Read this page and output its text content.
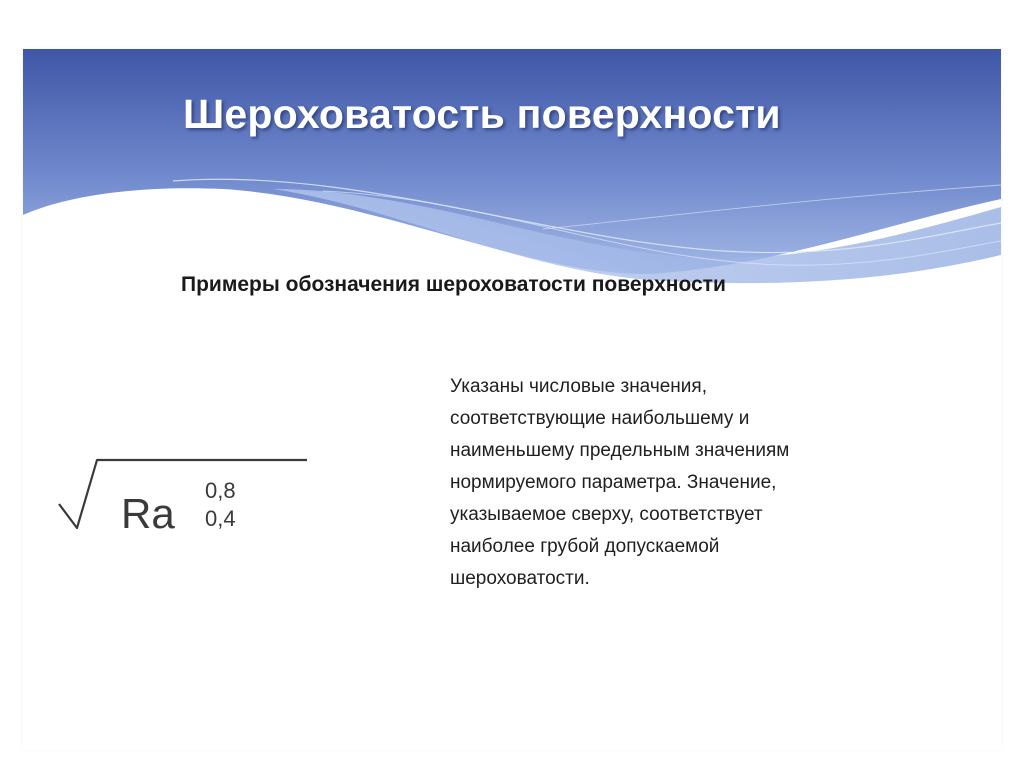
Шероховатость поверхности
Примеры обозначения шероховатости поверхности
Ra 0,8
0,4

Указаны числовые значения,
соответствующие наибольшему и
наименьшему предельным значениям
нормируемого параметра. Значение,
указываемое сверху, соответствует
наиболее грубой допускаемой
шероховатости.
